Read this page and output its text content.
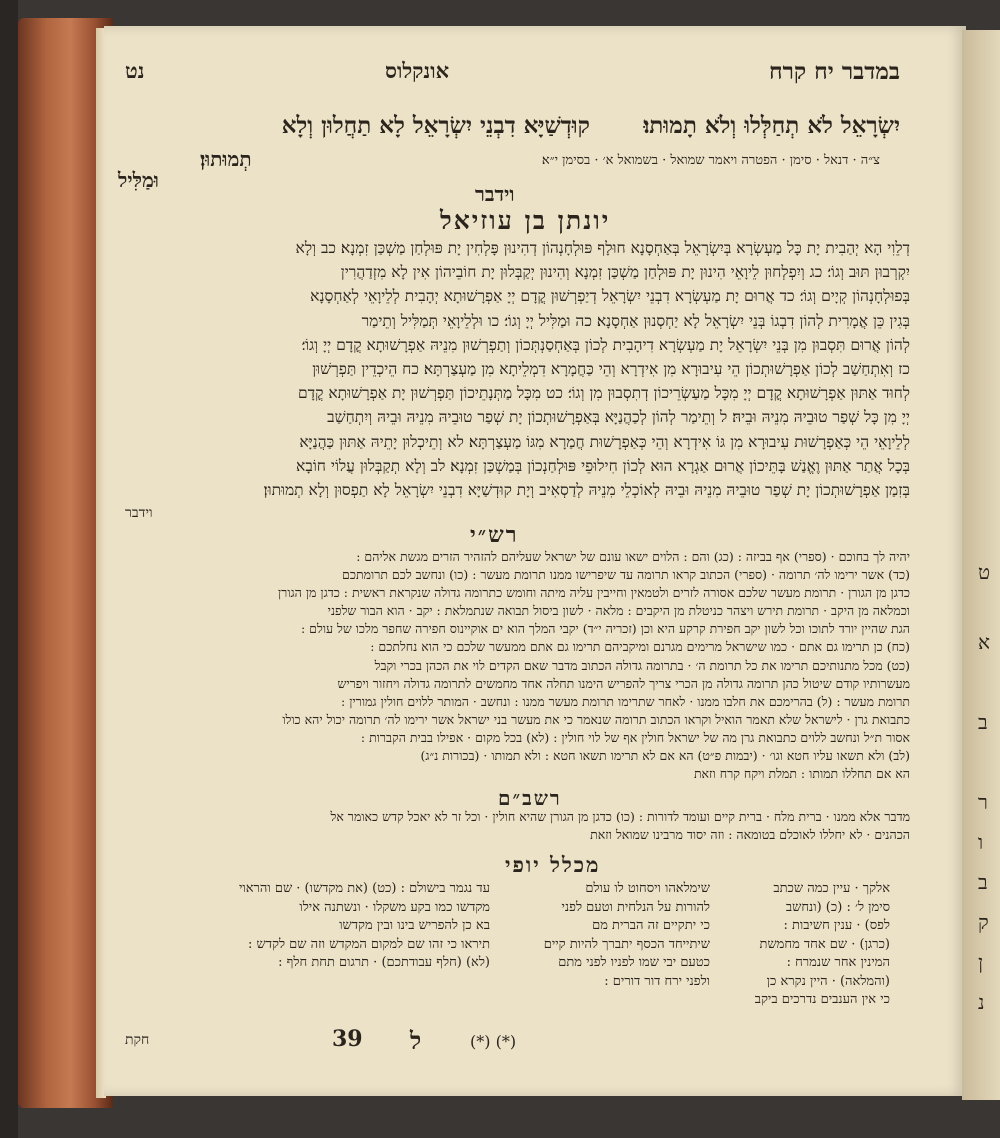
ט
א
ב
ר
ו
ב
ק
ן
נ
במדבר יח קרח
אונקלוס
נט
יִשְׂרָאֵל לֹא תְחַלְּלוּ וְלֹא תָמוּתוּ׃
קוּדְשַׁיָּא דִבְנֵי יִשְׂרָאֵל לָא תַחֲלוּן וְלָא
צ״ה · דנאל · סימן · הפטרה ויאמר שמואל · בשמואל א׳ · בסימן י״א׃
תְמוּתוּן׃
וּמַלִּיל
וידבר
יונתן בן עוזיאל
דְלֵוִי הָא יְהַבִית יָת כָּל מַעְשְׂרָא בְּיִשְׂרָאֵל בְּאַחְסָנָא חוּלָף פּוּלְחָנְהוֹן דְהִינוּן פָּלְחִין יָת פּוּלְחַן מַשְׁכַּן זִמְנָא׃ כב וְלָא
יִקְרְבוּן תּוּב וְגוֹ׳׃ כג וְיִפְלְחוּן לֵיוָאֵי הִינוּן יָת פּוּלְחַן מַשְׁכַּן זִמְנָא וְהִינוּן יְקַבְּלוּן יָת חוֹבֵיהוֹן אִין לָא מִזְדַהֲרִין
בְּפוּלְחָנְהוֹן קְיָים וְגוֹ׳׃ כד אֲרוּם יָת מַעְשְׂרָא דִבְנֵי יִשְׂרָאֵל דְיַפְרְשׁוּן קֳדָם יְיָ אַפְרָשׁוּתָא יְהָבִית לְלֵיוָאֵי לְאַחְסָנָא
בְּגִין כֵּן אֲמָרִית לְהוֹן דִבְגוֹ בְּנֵי יִשְׂרָאֵל לָא יַחְסְנוּן אַחְסָנָא׃ כה וּמַלִּיל יְיָ וְגוֹ׳׃ כו וּלְלֵיוָאֵי תְּמַלִּיל וְתֵימַר
לְהוֹן אֲרוּם תִּסְבוּן מִן בְּנֵי יִשְׂרָאֵל יָת מַעְשְׂרָא דִיהָבִית לְכוֹן בְּאַחְסַנְתְּכוֹן וְתַפְרְשׁוּן מִנֵיהּ אַפְרָשׁוּתָא קֳדָם יְיָ וְגוֹ׳׃
כז וְאִתְחַשַׁב לְכוֹן אַפְרָשׁוּתְכוֹן הֵי עִיבוּרָא מִן אִידְרָא וְהֵי כַּחֲמָרָא דִמְלֵיתָא מִן מַעְצַרְתָּא׃ כח הֵיכְדֵין תַּפְרְשׁוּן
לְחוּד אַתּוּן אַפְרָשׁוּתָא קֳדָם יְיָ מִכָּל מַעַשְׂרֵיכוֹן דְתִסְבוּן מִן וְגוֹ׳׃ כט מִכָּל מַתְּנָתֵיכוֹן תַּפְרְשׁוּן יָת אַפְרָשׁוּתָא קֳדָם
יְיָ מִן כָּל שְׁפַר טוּבֵיהּ מִנֵיהּ וּבֵיהּ׃ ל וְתֵימַר לְהוֹן לְכַהֲנַיָּא בְּאַפְרָשׁוּתְכוֹן יָת שְׁפַר טוּבֵיהּ מִנֵיהּ וּבֵיהּ וְיִתְחַשַׁב
לְלֵיוָאֵי הֵי כְּאַפְרָשׁוּת עִיבוּרָא מִן גּוֹ אִידְרָא וְהֵי כְּאַפְרָשׁוּת חֲמַרָא מִגּוֹ מַעְצַרְתָּא׃ לא וְתֵיכְלוּן יָתֵיהּ אַתּוּן כַּהֲנַיָּא
בְּכָל אֲתַר אַתּוּן וֶאֱנַשׁ בָּתֵּיכוֹן אֲרוּם אַגְרָא הוּא לְכוֹן חִילוּפֵי פּוּלְחַנְכוֹן בְּמַשְׁכַּן זִמְנָא׃ לב וְלָא תְקַבְּלוּן עֲלוֹי חוֹבָא
בְּזִמַן אַפְרָשׁוּתְכוֹן יָת שְׁפַר טוּבֵיהּ מִנֵיהּ וּבֵיהּ לְאוֹכְלֵי מִנֵיהּ לְדַסְאִיב וְיָת קוּדְשַׁיָּא דִבְנֵי יִשְׂרָאֵל לָא תַפְסוּן וְלָא תְמוּתוּן׃
וידבר
רש״י
יהיה לך בחוכם · (ספרי) אף בביזה : (כג) והם : הלוים ישאו עונם של ישראל שעליהם להזהיר הזרים מגשת אליהם :
(כד) אשר ירימו לה׳ תרומה · (ספרי) הכתוב קראו תרומה עד שיפרישו ממנו תרומת מעשר : (כו) ונחשב לכם תרומתכם
כדגן מן הגורן · תרומת מעשר שלכם אסורה לזרים ולטמאין וחייבין עליה מיתה וחומש כתרומה גדולה שנקראת ראשית : כדגן מן הגורן
וכמלאה מן היקב · תרומת תירש ויצהר כניטלת מן היקבים : מלאה · לשון ביסול תבואה שנתמלאת : יקב · הוא הבור שלפני
הגת שהיין יורד לתוכו וכל לשון יקב חפירת קרקע היא וכן (זכריה י״ד) יקבי המלך הוא ים אוקיינוס חפירה שחפר מלכו של עולם :
(כח) כן תרימו גם אתם · כמו שישראל מרימים מגרנם ומיקביהם תרימו גם אתם ממעשר שלכם כי הוא נחלתכם :
(כט) מכל מתנותיכם תרימו את כל תרומת ה׳ · בתרומה גדולה הכתוב מדבר שאם הקדים לוי את הכהן בכרי וקבל
מעשרותיו קודם שיטול כהן תרומה גדולה מן הכרי צריך להפריש הימנו תחלה אחד מחמשים לתרומה גדולה ויחזור ויפריש
תרומת מעשר : (ל) בהרימכם את חלבו ממנו · לאחר שתרימו תרומת מעשר ממנו : ונחשב · המותר ללוים חולין גמורין :
כתבואת גרן · לישראל שלא תאמר הואיל וקראו הכתוב תרומה שנאמר כי את מעשר בני ישראל אשר ירימו לה׳ תרומה יכול יהא כולו
אסור ת״ל ונחשב ללוים כתבואת גרן מה של ישראל חולין אף של לוי חולין : (לא) בכל מקום · אפילו בבית הקברות :
(לב) ולא תשאו עליו חטא וגו׳ · (יבמות פ״ט) הא אם לא תרימו תשאו חטא : ולא תמותו · (בכורות נ״ג)
הא אם תחללו תמותו : תמלת ויקח קרח וזאת
רשב״ם
מדבר אלא ממנו · ברית מלח · ברית קיים ועומד לדורות : (כו) כדגן מן הגורן שהיא חולין · וכל זר לא יאכל קדש כאומר אל
הכהנים · לא יחללו לאוכלם בטומאה : וזה יסוד מרבינו שמואל וזאת
מכלל יופי
אלקך · עיין כמה שכתב
סימן ל׳ : (כ) (ונחשב
לפס) · ענין חשיבות :
(כרגן) · שם אחד מחמשת
המינין אחר שנמרח :
(והמלאה) · היין נקרא כן
כי אין הענבים נדרכים ביקב
שימלאהו ויסחוט לו עולם
להורות על הנלחית וטעם לפני
כי יתקיים זה הברית מם
שיתייחד הכסף יתברך להיות קיים
כטעם יבי שמו לפניו לפני מתם
ולפני ירח דור דורים :
עד נגמר בישולם : (כט) (את מקדשו) · שם והראוי
מקדשו כמו בקע משקלו · ונשתנה אילו
בא כן להפריש בינו ובין מקדשו
תיראו כי זהו שם למקום המקדש וזה שם לקדש :
(לא) (חלף עבודתכם) · תרגום תחת חלף :
(*) (*)
ל
39
חקת
